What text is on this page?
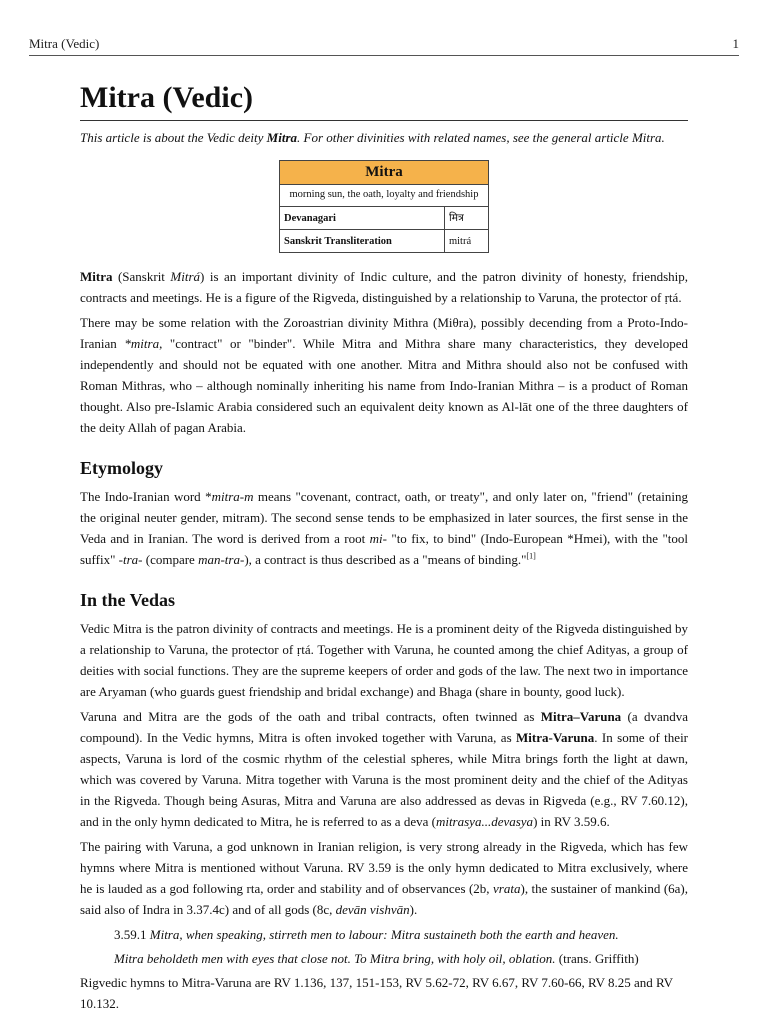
Mitra (Vedic)	1
Mitra (Vedic)
This article is about the Vedic deity Mitra. For other divinities with related names, see the general article Mitra.
Mitra	
morning sun, the oath, loyalty and friendship	
Devanagari	मित्र
Sanskrit Transliteration	mitrá

Mitra (Sanskrit Mitrá) is an important divinity of Indic culture, and the patron divinity of honesty, friendship, contracts and meetings. He is a figure of the Rigveda, distinguished by a relationship to Varuna, the protector of ṛtá.

There may be some relation with the Zoroastrian divinity Mithra (Miθra), possibly decending from a Proto-Indo-Iranian *mitra, "contract" or "binder". While Mitra and Mithra share many characteristics, they developed independently and should not be equated with one another. Mitra and Mithra should also not be confused with Roman Mithras, who – although nominally inheriting his name from Indo-Iranian Mithra – is a product of Roman thought. Also pre-Islamic Arabia considered such an equivalent deity known as Al-lāt one of the three daughters of the deity Allah of pagan Arabia.

Etymology

The Indo-Iranian word *mitra-m means "covenant, contract, oath, or treaty", and only later on, "friend" (retaining the original neuter gender, mitram). The second sense tends to be emphasized in later sources, the first sense in the Veda and in Iranian. The word is derived from a root mi- "to fix, to bind" (Indo-European *Hmei), with the "tool suffix" -tra- (compare man-tra-), a contract is thus described as a "means of binding."[1]

In the Vedas

Vedic Mitra is the patron divinity of contracts and meetings. He is a prominent deity of the Rigveda distinguished by a relationship to Varuna, the protector of ṛtá. Together with Varuna, he counted among the chief Adityas, a group of deities with social functions. They are the supreme keepers of order and gods of the law. The next two in importance are Aryaman (who guards guest friendship and bridal exchange) and Bhaga (share in bounty, good luck).

Varuna and Mitra are the gods of the oath and tribal contracts, often twinned as Mitra–Varuna (a dvandva compound). In the Vedic hymns, Mitra is often invoked together with Varuna, as Mitra-Varuna. In some of their aspects, Varuna is lord of the cosmic rhythm of the celestial spheres, while Mitra brings forth the light at dawn, which was covered by Varuna. Mitra together with Varuna is the most prominent deity and the chief of the Adityas in the Rigveda. Though being Asuras, Mitra and Varuna are also addressed as devas in Rigveda (e.g., RV 7.60.12), and in the only hymn dedicated to Mitra, he is referred to as a deva (mitrasya...devasya) in RV 3.59.6.

The pairing with Varuna, a god unknown in Iranian religion, is very strong already in the Rigveda, which has few hymns where Mitra is mentioned without Varuna. RV 3.59 is the only hymn dedicated to Mitra exclusively, where he is lauded as a god following rta, order and stability and of observances (2b, vrata), the sustainer of mankind (6a), said also of Indra in 3.37.4c) and of all gods (8c, devān vishvān).

3.59.1 Mitra, when speaking, stirreth men to labour: Mitra sustaineth both the earth and heaven.
Mitra beholdeth men with eyes that close not. To Mitra bring, with holy oil, oblation. (trans. Griffith)

Rigvedic hymns to Mitra-Varuna are RV 1.136, 137, 151-153, RV 5.62-72, RV 6.67, RV 7.60-66, RV 8.25 and RV 10.132.
